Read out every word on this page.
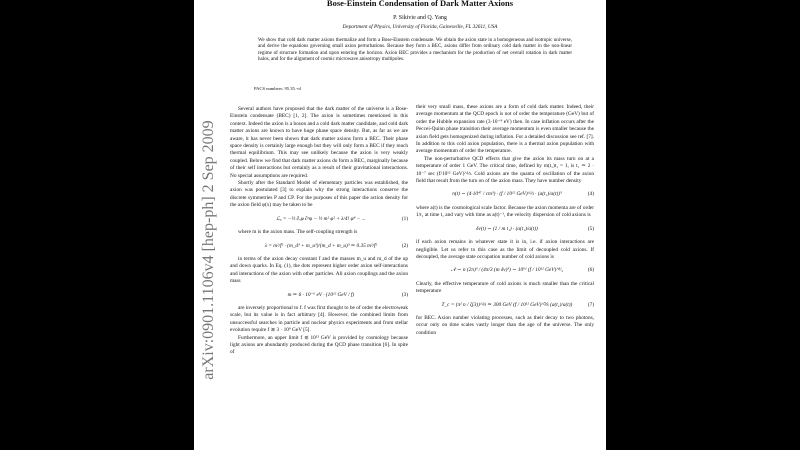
arXiv:0901.1106v4 [hep-ph] 2 Sep 2009
Bose-Einstein Condensation of Dark Matter Axions
P. Sikivie and Q. Yang
Department of Physics, University of Florida, Gainesville, FL 32611, USA

We show that cold dark matter axions thermalize and form a Bose-Einstein condensate. We obtain the axion state in a homogeneous and isotropic universe, and derive the equations governing small axion perturbations. Because they form a BEC, axions differ from ordinary cold dark matter in the non-linear regime of structure formation and upon entering the horizon. Axion BEC provides a mechanism for the production of net overall rotation in dark matter halos, and for the alignment of cosmic microwave anisotropy multipoles.

PACS numbers: 95.35.+d

Several authors have proposed that the dark matter of the universe is a Bose-Einstein condensate (BEC) [1, 2]. The axion is sometimes mentioned in this context. Indeed the axion is a boson and a cold dark matter candidate, and cold dark matter axions are known to have huge phase space density. But, as far as we are aware, it has never been shown that dark matter axions form a BEC. Their phase space density is certainly large enough but they will only form a BEC if they reach thermal equilibrium. This may see unlikely because the axion is very weakly coupled. Below we find that dark matter axions do form a BEC, marginally because of their self interactions but certainly as a result of their gravitational interactions. No special assumptions are required.

Shortly after the Standard Model of elementary particles was established, the axion was postulated [3] to explain why the strong interactions conserve the discrete symmetries P and CP. For the purposes of this paper the action density for the axion field φ(x) may be taken to be

ℒₐ = −½ ∂ᵤφ ∂ᵘφ − ½ m² φ² + λ/4! φ⁴ − ...	(1)

where m is the axion mass. The self-coupling strength is

λ = m²/f² · (m_d³ + m_u³)/(m_d + m_u)³ ≃ 0.35 m²/f²	(2)

in terms of the axion decay constant f and the masses m_u and m_d of the up and down quarks. In Eq. (1), the dots represent higher order axion self-interactions and interactions of the axion with other particles. All axion couplings and the axion mass

m ≃ 6 · 10⁻⁶ eV · (10¹² GeV / f)	(3)

are inversely proportional to f. f was first thought to be of order the electroweak scale, but its value is in fact arbitrary [4]. However, the combined limits from unsuccessful searches in particle and nuclear physics experiments and from stellar evolution require f ≳ 3 · 10⁹ GeV [5].

Furthermore, an upper limit f ≲ 10¹² GeV is provided by cosmology because light axions are abundantly produced during the QCD phase transition [6]. In spite of

their very small mass, these axions are a form of cold dark matter. Indeed, their average momentum at the QCD epoch is not of order the temperature (GeV) but of order the Hubble expansion rate (3·10⁻⁹ eV) then. In case inflation occurs after the Peccei-Quinn phase transition their average momentum is even smaller because the axion field gets homogenized during inflation. For a detailed discussion see ref. [7]. In addition to this cold axion population, there is a thermal axion population with average momentum of order the temperature.

The non-perturbative QCD effects that give the axion its mass turn on at a temperature of order 1 GeV. The critical time, defined by m(t₁)t₁ = 1, is t₁ ≃ 2 · 10⁻⁷ sec (f/10¹² GeV)^⅓. Cold axions are the quanta of oscillation of the axion field that result from the turn on of the axion mass. They have number density

n(t) ∼ (4·10⁴⁷ / cm³) · (f / 10¹² GeV)^⅔ · (a(t₁)/a(t))³	(4)

where a(t) is the cosmological scale factor. Because the axion momenta are of order 1/t₁ at time t₁ and vary with time as a(t)⁻¹, the velocity dispersion of cold axions is

δv(t) ∼ (1 / m t₁) · (a(t₁)/a(t))	(5)

if each axion remains in whatever state it is in, i.e. if axion interactions are negligible. Let us refer to this case as the limit of decoupled cold axions. If decoupled, the average state occupation number of cold axions is

𝒩 ∼ n (2π)³ / (4π/3 (m δv)³) ∼ 10⁶¹ (f / 10¹² GeV)^⁸⁄₃	(6)

Clearly, the effective temperature of cold axions is much smaller than the critical temperature

T_c = (π² n / ζ(3))^⅓ ≃ 300 GeV (f / 10¹² GeV)^⅚ (a(t₁)/a(t))	(7)

for BEC. Axion number violating processes, such as their decay to two photons, occur only on time scales vastly longer than the age of the universe. The only condition
